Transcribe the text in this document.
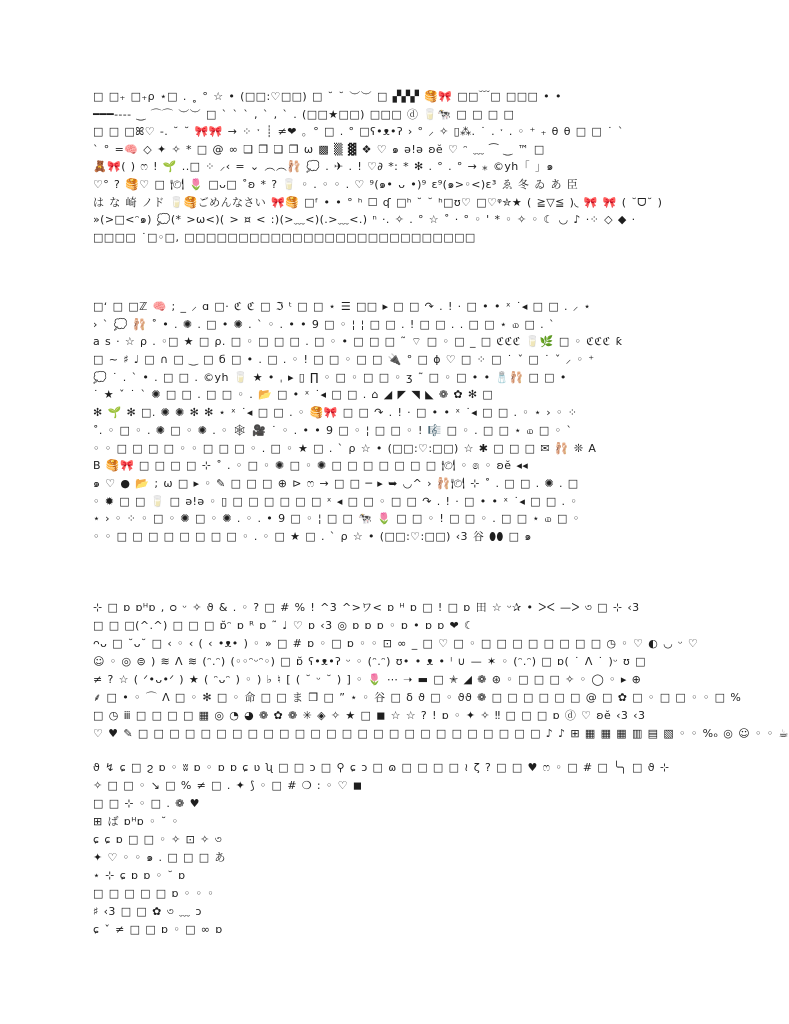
□ □₊ □₊ρ ⋆□ . ˳ ° ☆ • (□□:♡□□) □ ˘ ˘ ︶︶ □ ▞▞▞ 🥞🎀 □□﹋□ □□□ • •
━━━---- ‿ ⌒⌒ ︶︶ □ ˋ ˋ ˋ , ˋ , ˋ . (□□★□□) □□□ ⓓ 🥛🐄 □ □ □ □
□ □ □ꕤ♡ -. ˘ ˘ 🎀🎀 → ⁘ ˑ ┊ ≠❤ 。° □ . ° □ʕ•ᴥ•ʔ › ° ⸝ ✧ ▯⁂. ˙ . ˑ . ◦ ⁺ ₊ θ θ □ □ ˙ ˋ
ˋ ° =🧠 ◇ ✦ ✧ * □ @ ∞ ❑ ❒ ❑ ❒ ω ▩ ▒ ▓ ❖ ♡ ๑ ə!ə ʚĕ ♡ ᵔ ﹏ ⁀ ‿ ™ □
🧸🎀( ) ෆ ! 🌱 ..□ ⁘ ⸝‹ = ⌄ ︵︵🩰 💭 . ✈ . ! ♡∂ *: * ✻ . ° . ° → ⁎ ©yh「 」๑
♡° ? 🥞♡ □ 🍽 🌷 □ᴗ□ ˚ʚ * ? 🥛 ◦ . ◦ ◦ . ♡ ⁹(๑• ᴗ •)⁹ ε⁹(๑>◦<)ε³ ゑ 冬 ゐ あ 臣
は な 崎 ノド 🥛🥞ごめんなさい 🎀🥞 □ᶠ • • ° ʰ ☐ ʠ □ʰ ˘ ˘ ʰ□ʊ♡ □♡ᵠ✮★ ( ≧▽≦ )◟ 🎀 🎀 ( ˘ᗜ˘ )
»(>□<ᵔ๑) 💭(* >ω<)( > ¤ < :)(>﹏<)(.>﹏<.) ⁿ ·. ✧ . ° ☆ ˚ · ° ◦ ' * ◦ ✧ ◦ ☾ ◡ ♪ ·⁘ ◇ ◆ ·
□□□□ ˙□◦□, □□□□□□□□□□□□□□□□□□□□□□□□□□□
□ʻ □ □ℤ 🧠 ; _ ⸝ ɑ □· ℭ ℭ □ ℑ ᵗ □ □ ⋆ ☰ □□ ▸ □ □ ↷ . ! · □ • • ˣ ˙◂ □ □ . ⸝ ⋆
› ˋ 💭 🩰 ˚ • . ✺ . □ • ✺ . ˋ ◦ . • • 9 □ ◦ ¦ ¦ □ □ . ! □ □ . . □ □ ⋆ ௰ □ . ˋ
a s · ☆ ρ . ◦□ ★ □ ρ. □ ◦ □ □ □ . □ ◦ • □ □ □ ˜ ⌔ □ ◦ □ _ □ ℭℭℭ 🥛🌿 □ ◦ ℭℭℭ ƙ
□ ~ ♯ ♩ □ ∩ □ ‿ □ б □ • . □ . ◦ ! □ □ ◦ □ □ 🔌 ° □ ϕ ♡ □ ⁘ □ ˙ ˇ □ ˙ ˇ ⸝ ◦ ⁺
💭 ˙ . ˋ • . □ □ . ©yh 🥛 ★ • ˌ ▸ ▯ ∏ ◦ □ ◦ □ □ ◦ ӡ ˜ □ ◦ □ • • 🧂🩰 □ □ •
˙ ★ ˇ ˙ ˋ ✺ □ □ . □ □ ◦ . 📂 □ • ˣ ˙◂ □ □ . ⌂ ◢ ◤ ◥ ◣ ❁ ✿ ✻ □
✻ 🌱 ✻ □. ✺ ✺ ✻ ✻ ⋆ ˣ ˙◂ □ □ . ◦ 🥞🎀 □ □ ↷ . ! · □ • • ˣ ˙◂ □ □ . ◦ ⋆ › ◦ ⁘
˚. ◦ □ ◦ . ✺ □ ◦ ✺ . ◦ 🕸 🎥 ˙ ◦ . • • 9 □ ◦ ¦ □ □ ◦ ! 🎼 □ ◦ . □ □ ⋆ ௰ □ ◦ ˋ
◦ ◦ □ □ □ □ ◦ ◦ □ □ □ ◦ . □ ◦ ★ □ . ˋ ρ ☆ • (□□:♡:□□) ☆ ✱ □ □ □ ✉ 🩰 ❊ A
B 🥞🎀 □ □ □ □ ⊹ ˚ . ◦ □ ◦ ✺ □ ◦ ✺ □ □ □ □ □ □ □ 🍽 ◦ ෧ ◦ ʚĕ ◂◂
๑ ♡ ● 📂 ; ω □ ▸ ◦ ✎ □ □ □ ⊕ ⊳ ෆ → □ □ ─ ▸ ➥ ◡^ › 🩰🍽 ⊹ ˚ . □ □ . ✺ . □
◦ ✹ □ □ 🥛 □ ə!ə ◦ ▯ □ □ □ □ □ □ ˣ ◂ □ □ ◦ □ □ ↷ . ! · □ • • ˣ ˙◂ □ □ . ◦
⋆ › ◦ ⁘ ◦ □ ◦ ✺ □ ◦ ✺ . ◦ . • 9 □ ◦ ¦ □ □ 🐄 🌷 □ □ ◦ ! □ □ ◦ . □ □ ⋆ ௰ □ ◦
◦ ◦ □ □ □ □ □ □ □ □ ◦ . ◦ □ ★ □ . ˋ ρ ☆ • (□□:♡:□□) ‹3 谷 ⬮⬮ □ ๑
⊹ □ ɒ ɒᴴɒ , ᴑ ᵕ ✧ ϑ & . ◦ ? □ # % ! ^3 ^>ワ< ɒ ᴴ ɒ □ ! □ ɒ 田 ☆ ᵕ✰ • ᐳᐸ —ᐳ ৩ □ ⊹ ‹3
□ □ □(^.^) □ □ □ ɒ̆ᵔ ɒ ᴿ ɒ ˜ ♩ ♡ ɒ ‹3 ◎ ɒ ɒ ɒ ◦ ɒ • ɒ ɒ ❤ ☾
ᴖᴗ □ ˘ᴗ˘ □ ‹ ◦ ‹ ( ‹ •ᴥ• ) ◦ » □ # ɒ ◦ □ ɒ ◦ ◦ ⊡ ∞ _ □ ♡ □ ◦ □ □ □ □ □ □ □ □ ◷ ◦ ♡ ◐ ◡ ᵕ ♡
☺ ◦ ◎ ⊜ ) ≋ ᐱ ≋ (ᵔ.ᵔ) (◦◦ᵔᵕᵔ◦) □ ɒ̆ ʕ•ᴥ•ʔ ᵕ ◦ (ᵔ.ᵔ) ʊ• • ᴥ • ˡ ∪ — ✶ ◦ (ᵔ.ᵔ) □ ɒ( ˙ ᐱ ˙ )ᵕ ʊ □
≠ ? ☆ ( ᐟ•ᴗ•ᐟ ) ★ ( ᵔᴗᵔ ) ◦ ) ♭ ♮ [ ( ˘ ᵕ ˘ ) ] ◦ 🌷 ⋯ ➝ ▬ □ ✭ ◢ ❁ ⊛ ◦ □ □ □ ✧ ◦ ◯ ◦ ▸ ⊕
⸙ □ • ◦ ⌒ ᐱ □ ◦ ✻ □ ◦ 命 □ □ ま ❒ □ ” ⋆ ◦ 谷 □ δ ϑ □ ◦ ϑϑ ❁ □ □ □ □ □ □ @ □ ✿ □ ◦ □ □ ◦ ◦ □ %
□ ◷ ⅲ □ □ □ □ ▦ ◎ ◔ ◕ ❁ ✿ ❁ ✳ ◈ ✧ ★ □ ◼ ☆ ☆ ? ! ɒ ◦ ✦ ✧ ‼ □ □ □ ɒ ⓓ ♡ ʚĕ ‹3 ‹3
♡ ♥ ✎ □ □ □ □ □ □ □ □ □ □ □ □ □ □ □ □ □ □ □ □ □ □ □ □ □ □ ♪ ♪ ⊞ ▦ ▦ ▦ ▥ ▤ ▧ ◦ ◦ %ₒ ◎ ☺ ◦ ◦ ☕
ϑ ↯ ɕ □ ϩ ɒ ◦ ʬ ɒ ◦ ɒ ɒ ɕ ʋ ʯ □ □ ɔ □ ⚲ ɕ ɔ □ ɷ □ □ □ □ ≀ ζ ? □ □ ♥ ෆ ◦ □ # □ ╰╮ □ ϑ ⊹
✧ □ □ ◦ ↘ □ % ≠ □ . ✦ ⟆ ◦ □ # ❍ : ◦ ♡ ◼
□ □ ⊹ ◦ □ . ❁ ♥
⊞ ば ɒᴴɒ ◦ ˘ ◦
ɕ ɕ ɒ □ □ ◦ ✧ ⊡ ✧ ৩
✦ ♡ ◦ ◦ ๑ . □ □ □ あ
⋆ ⊹ ɕ ɒ ɒ ◦ ˘ ɒ
□ □ □ □ □ ɒ ◦ ◦ ◦
♯ ‹3 □ □ ✿ ৩ ﹏ ɔ
ɕ ˇ ≠ □ □ ɒ ◦ □ ∞ ɒ
